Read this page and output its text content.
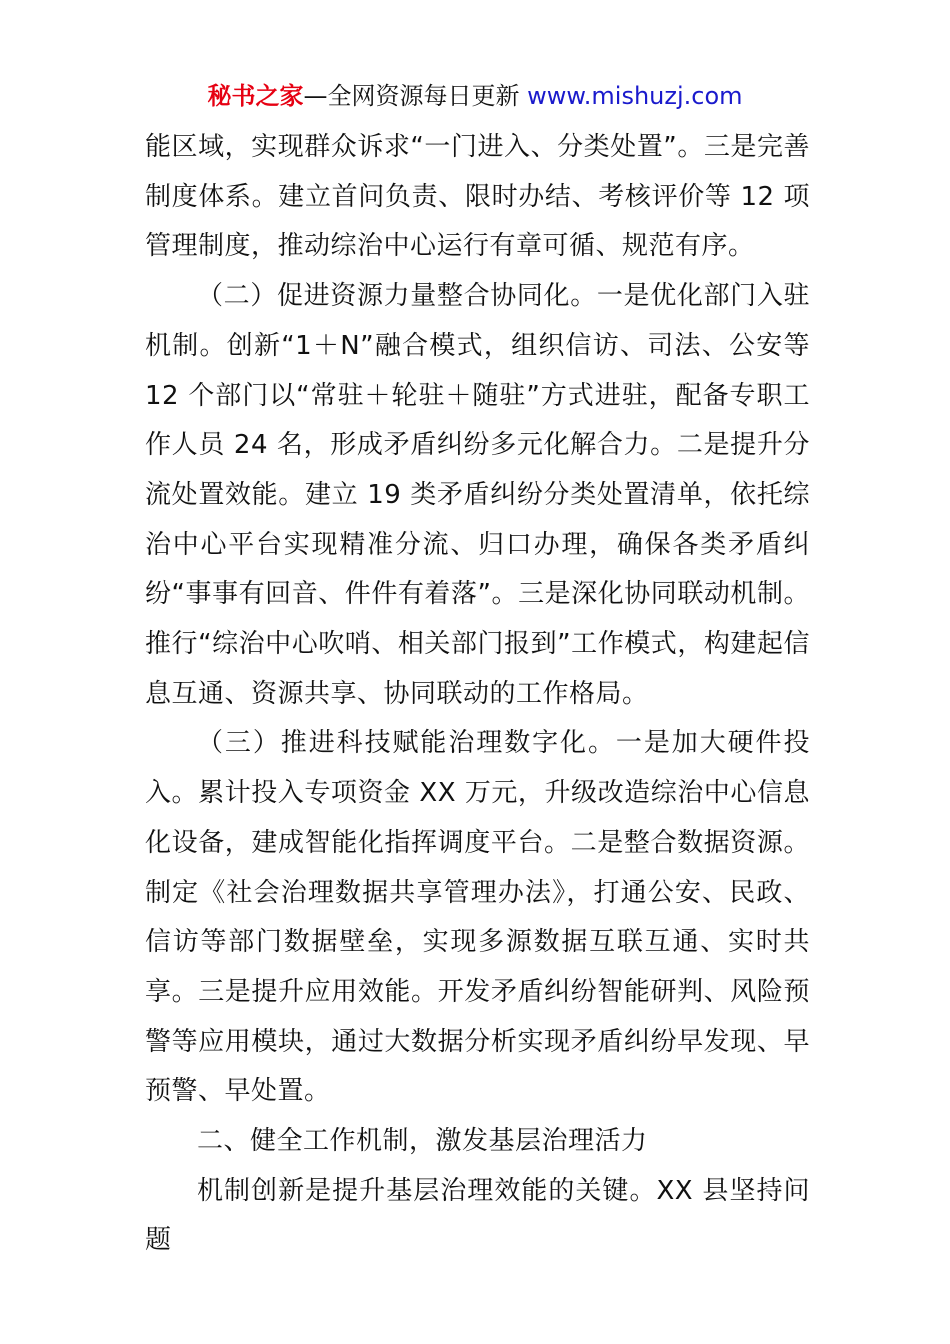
秘书之家—全网资源每日更新 www.mishuzj.com

能区域，实现群众诉求“一门进入、分类处置”。三是完善制度体系。建立首问负责、限时办结、考核评价等 12 项管理制度，推动综治中心运行有章可循、规范有序。

（二）促进资源力量整合协同化。一是优化部门入驻机制。创新“1＋N”融合模式，组织信访、司法、公安等 12 个部门以“常驻＋轮驻＋随驻”方式进驻，配备专职工作人员 24 名，形成矛盾纠纷多元化解合力。二是提升分流处置效能。建立 19 类矛盾纠纷分类处置清单，依托综治中心平台实现精准分流、归口办理，确保各类矛盾纠纷“事事有回音、件件有着落”。三是深化协同联动机制。推行“综治中心吹哨、相关部门报到”工作模式，构建起信息互通、资源共享、协同联动的工作格局。

（三）推进科技赋能治理数字化。一是加大硬件投入。累计投入专项资金 XX 万元，升级改造综治中心信息化设备，建成智能化指挥调度平台。二是整合数据资源。制定《社会治理数据共享管理办法》，打通公安、民政、信访等部门数据壁垒，实现多源数据互联互通、实时共享。三是提升应用效能。开发矛盾纠纷智能研判、风险预警等应用模块，通过大数据分析实现矛盾纠纷早发现、早预警、早处置。

二、健全工作机制，激发基层治理活力

机制创新是提升基层治理效能的关键。XX 县坚持问题
